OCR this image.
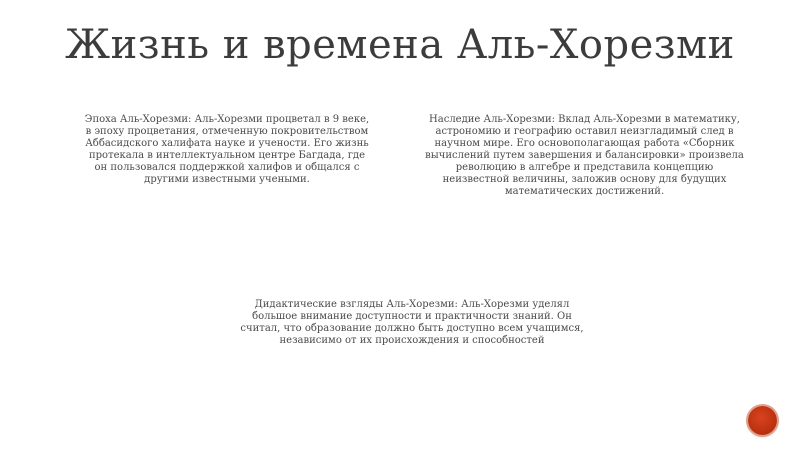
Жизнь и времена Аль-Хорезми
Эпоха Аль-Хорезми: Аль-Хорезми процветал в 9 веке, в эпоху процветания, отмеченную покровительством Аббасидского халифата науке и учености. Его жизнь протекала в интеллектуальном центре Багдада, где он пользовался поддержкой халифов и общался с другими известными учеными.
Наследие Аль-Хорезми: Вклад Аль-Хорезми в математику, астрономию и географию оставил неизгладимый след в научном мире. Его основополагающая работа «Сборник вычислений путем завершения и балансировки» произвела революцию в алгебре и представила концепцию неизвестной величины, заложив основу для будущих математических достижений.
Дидактические взгляды Аль-Хорезми: Аль-Хорезми уделял большое внимание доступности и практичности знаний. Он считал, что образование должно быть доступно всем учащимся, независимо от их происхождения и способностей
